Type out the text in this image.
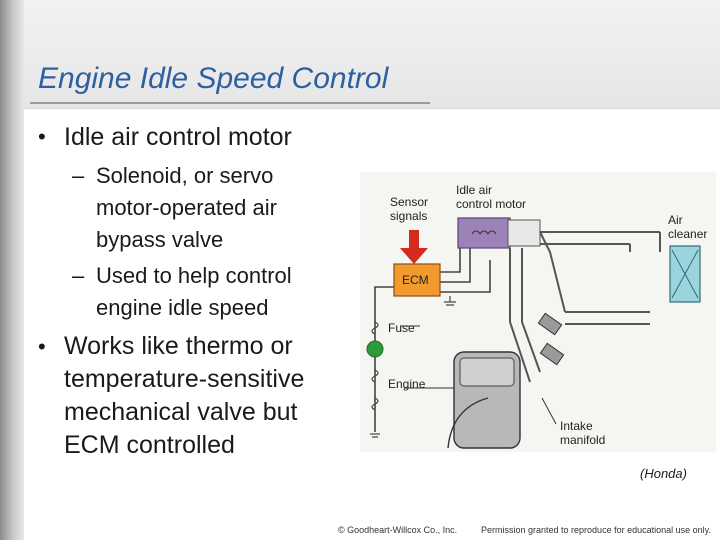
Engine Idle Speed Control
• Idle air control motor
– Solenoid, or servo
motor-operated air
bypass valve
– Used to help control
engine idle speed
• Works like thermo or
temperature-sensitive
mechanical valve but
ECM controlled
Sensor
signals
Idle air
control motor
ECM
Air
cleaner
Fuse
Engine
Intake
manifold
(Honda)
© Goodheart-Willcox Co., Inc.	Permission granted to reproduce for educational use only.
